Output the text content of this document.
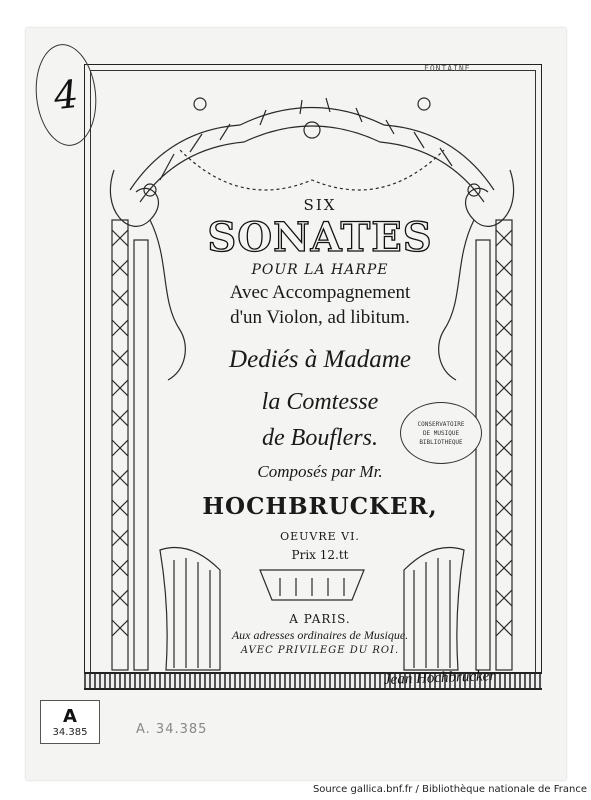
SIX
SONATES
POUR LA HARPE
Avec Accompagnement
d'un Violon, ad libitum.
Dediés à Madame
la Comtesse
de Bouflers.
Composés par Mr.
HOCHBRUCKER,
OEUVRE VI.
Prix 12.tt
A PARIS.
Aux adresses ordinaires de Musique.
AVEC PRIVILEGE DU ROI.
CONSERVATOIRE
DE MUSIQUE
BIBLIOTHEQUE
Jean Hochbrucker
4
FONTAINE
A
34.385	A. 34.385
Source gallica.bnf.fr / Bibliothèque nationale de France
